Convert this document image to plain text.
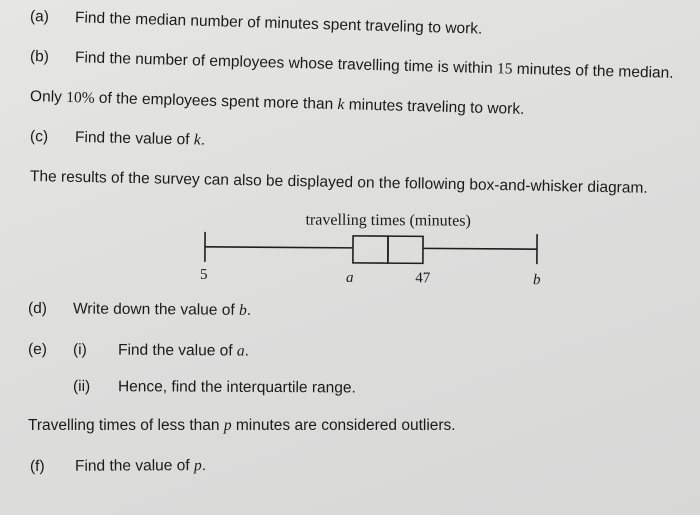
(a) Find the median number of minutes spent traveling to work.
(b) Find the number of employees whose travelling time is within 15 minutes of the median.
Only 10% of the employees spent more than k minutes traveling to work.
(c) Find the value of k.
The results of the survey can also be displayed on the following box-and-whisker diagram.
travelling times (minutes)
5	a	47	b
(d) Write down the value of b.
(e) (i) Find the value of a.
(ii) Hence, find the interquartile range.
Travelling times of less than p minutes are considered outliers.
(f) Find the value of p.
